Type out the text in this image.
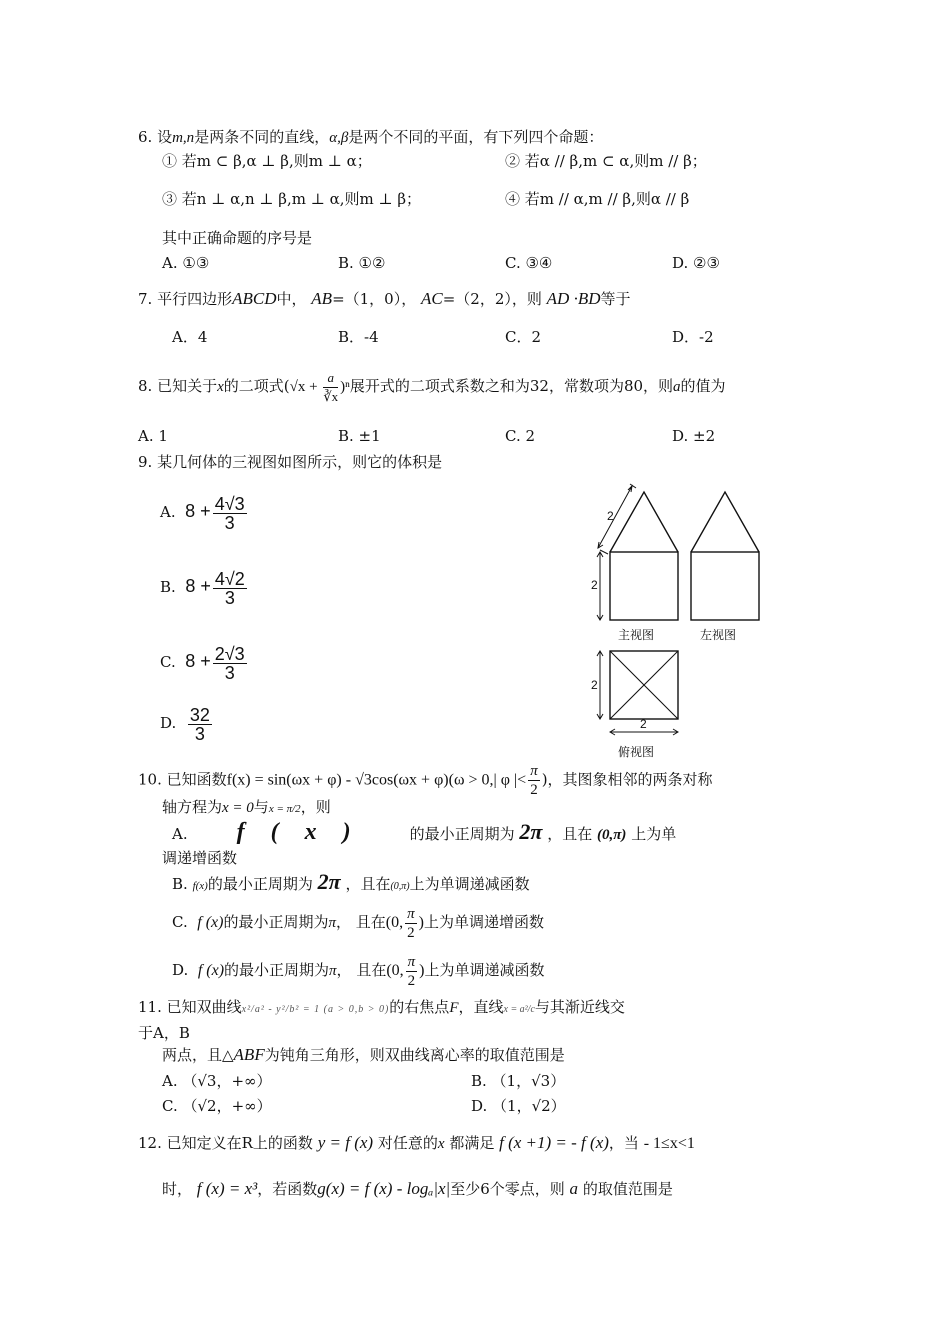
6. 设m,n是两条不同的直线，α,β是两个不同的平面，有下列四个命题：
① 若m ⊂ β,α ⊥ β,则m ⊥ α；	② 若α // β,m ⊂ α,则m // β；
③ 若n ⊥ α,n ⊥ β,m ⊥ α,则m ⊥ β；	④ 若m // α,m // β,则α // β
其中正确命题的序号是
A. ①③	B. ①②	C. ③④	D. ②③
7. 平行四边形ABCD中， AB=（1，0）， AC=（2，2），则 AD ·BD等于
A．4	B．-4	C．2	D．-2
8. 已知关于x的二项式$(√x + \frac{a}{∛x} )^n$展开式的二项式系数之和为32，常数项为80，则a的值为
A. 1	B. ±1	C. 2	D. ±2
9. 某几何体的三视图如图所示，则它的体积是
A. $8 + \frac{4√3}{3}$
B. $8 + \frac{4√2}{3}$
C. $8 + \frac{2√3}{3}$
D. $\frac{32}{3}$
2
2
主视图	左视图
2
2
俯视图
10. 已知函数f(x) = sin(ωx + φ) - √3cos(ωx + φ)(ω > 0,| φ |< $\frac{\pi}{2}$ )，其图象相邻的两条对称
轴方程为x = 0与x = π/2，则
A. f ( x )	的最小正周期为 2π ，且在 (0,π) 上为单
调递增函数
B. f(x)的最小正周期为 2π ，且在(0,π)上为单调递减函数
C. f (x)的最小正周期为π， 且在(0, $\frac{\pi}{2}$ )上为单调递增函数
D. f (x)的最小正周期为π， 且在(0, $\frac{\pi}{2}$ )上为单调递减函数
11. 已知双曲线x²/a² - y²/b² = 1 (a > 0,b > 0)的右焦点F，直线x = a²/c与其渐近线交
于A，B
两点，且△ABF为钝角三角形，则双曲线离心率的取值范围是
A. （√3，+∞）	B. （1，√3）
C. （√2，+∞）	D. （1，√2）
12. 已知定义在R上的函数 y = f (x) 对任意的x 都满足 f (x +1) = - f (x)，当 - 1≤x<1
时， f (x) = x³，若函数g(x) = f (x) - logₐ|x|至少6个零点，则 a 的取值范围是
